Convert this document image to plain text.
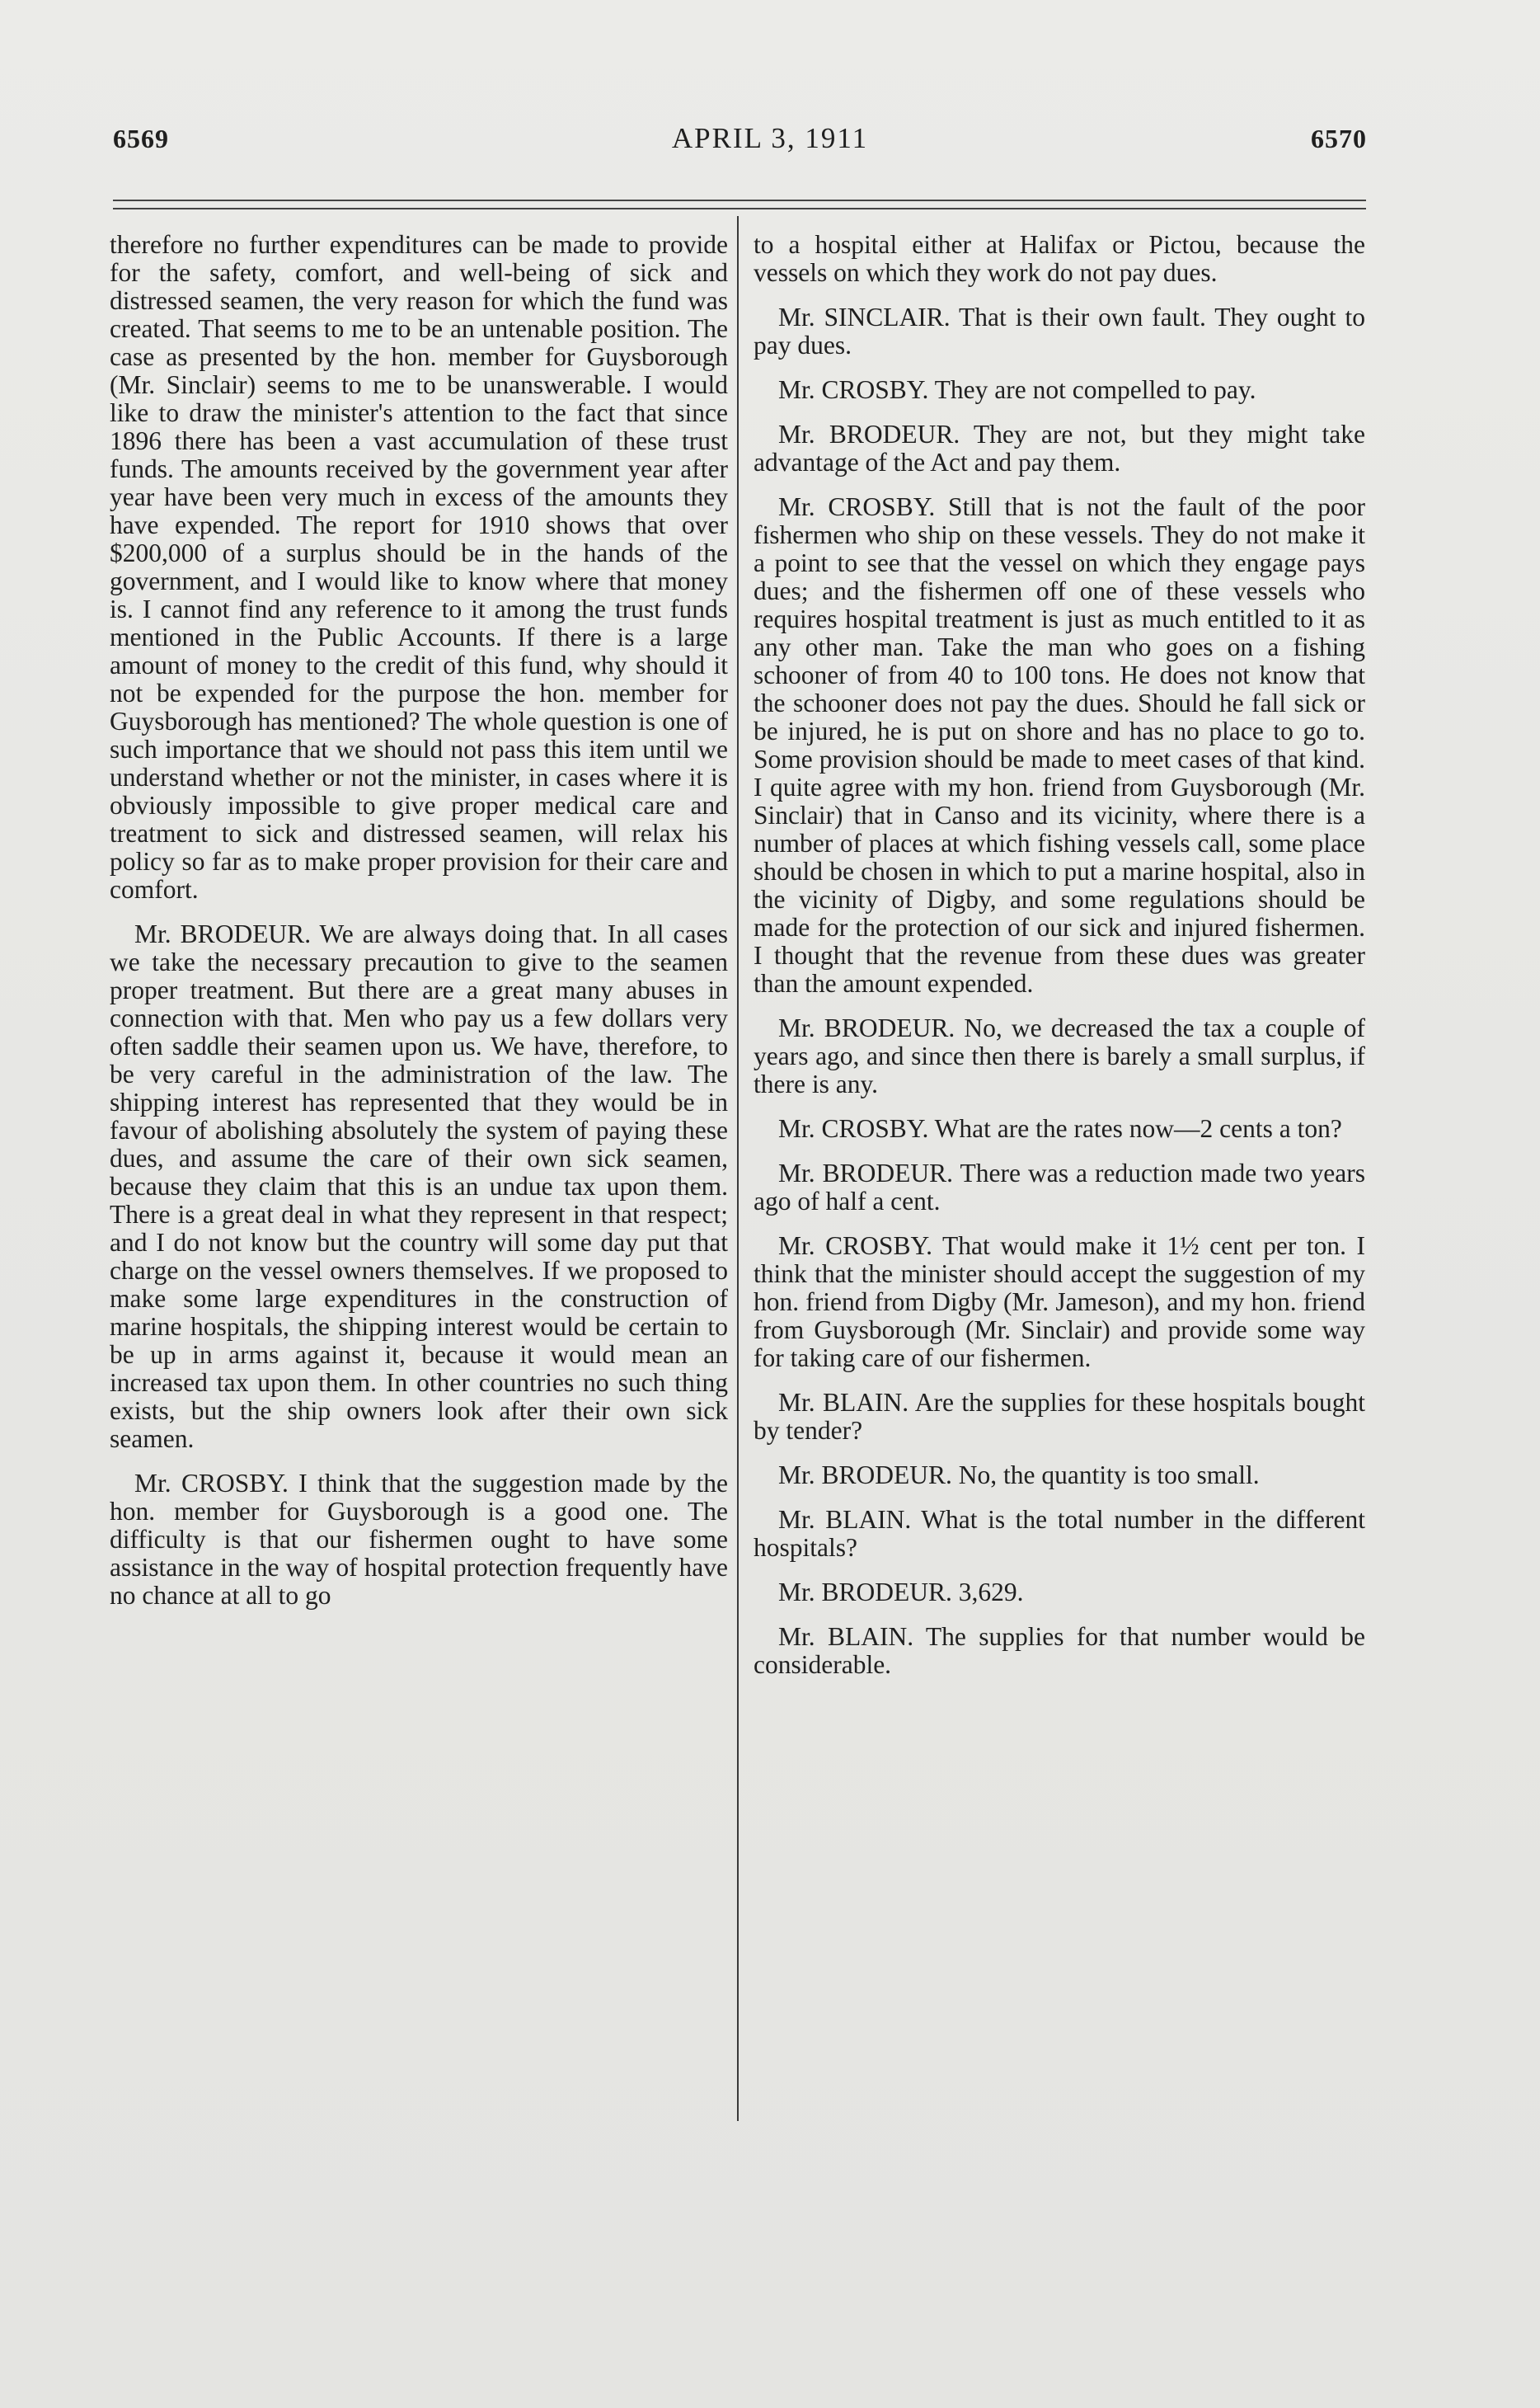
6569	APRIL 3, 1911	6570

therefore no further expenditures can be made to provide for the safety, comfort, and well-being of sick and distressed seamen, the very reason for which the fund was created. That seems to me to be an untenable position. The case as presented by the hon. member for Guysborough (Mr. Sinclair) seems to me to be unanswerable. I would like to draw the minister's attention to the fact that since 1896 there has been a vast accumulation of these trust funds. The amounts received by the government year after year have been very much in excess of the amounts they have expended. The report for 1910 shows that over $200,000 of a surplus should be in the hands of the government, and I would like to know where that money is. I cannot find any reference to it among the trust funds mentioned in the Public Accounts. If there is a large amount of money to the credit of this fund, why should it not be expended for the purpose the hon. member for Guysborough has mentioned? The whole question is one of such importance that we should not pass this item until we understand whether or not the minister, in cases where it is obviously impossible to give proper medical care and treatment to sick and distressed seamen, will relax his policy so far as to make proper provision for their care and comfort.

Mr. BRODEUR. We are always doing that. In all cases we take the necessary precaution to give to the seamen proper treatment. But there are a great many abuses in connection with that. Men who pay us a few dollars very often saddle their seamen upon us. We have, therefore, to be very careful in the administration of the law. The shipping interest has represented that they would be in favour of abolishing absolutely the system of paying these dues, and assume the care of their own sick seamen, because they claim that this is an undue tax upon them. There is a great deal in what they represent in that respect; and I do not know but the country will some day put that charge on the vessel owners themselves. If we proposed to make some large expenditures in the construction of marine hospitals, the shipping interest would be certain to be up in arms against it, because it would mean an increased tax upon them. In other countries no such thing exists, but the ship owners look after their own sick seamen.

Mr. CROSBY. I think that the suggestion made by the hon. member for Guysborough is a good one. The difficulty is that our fishermen ought to have some assistance in the way of hospital protection frequently have no chance at all to go

to a hospital either at Halifax or Pictou, because the vessels on which they work do not pay dues.

Mr. SINCLAIR. That is their own fault. They ought to pay dues.

Mr. CROSBY. They are not compelled to pay.

Mr. BRODEUR. They are not, but they might take advantage of the Act and pay them.

Mr. CROSBY. Still that is not the fault of the poor fishermen who ship on these vessels. They do not make it a point to see that the vessel on which they engage pays dues; and the fishermen off one of these vessels who requires hospital treatment is just as much entitled to it as any other man. Take the man who goes on a fishing schooner of from 40 to 100 tons. He does not know that the schooner does not pay the dues. Should he fall sick or be injured, he is put on shore and has no place to go to. Some provision should be made to meet cases of that kind. I quite agree with my hon. friend from Guysborough (Mr. Sinclair) that in Canso and its vicinity, where there is a number of places at which fishing vessels call, some place should be chosen in which to put a marine hospital, also in the vicinity of Digby, and some regulations should be made for the protection of our sick and injured fishermen. I thought that the revenue from these dues was greater than the amount expended.

Mr. BRODEUR. No, we decreased the tax a couple of years ago, and since then there is barely a small surplus, if there is any.

Mr. CROSBY. What are the rates now—2 cents a ton?

Mr. BRODEUR. There was a reduction made two years ago of half a cent.

Mr. CROSBY. That would make it 1½ cent per ton. I think that the minister should accept the suggestion of my hon. friend from Digby (Mr. Jameson), and my hon. friend from Guysborough (Mr. Sinclair) and provide some way for taking care of our fishermen.

Mr. BLAIN. Are the supplies for these hospitals bought by tender?

Mr. BRODEUR. No, the quantity is too small.

Mr. BLAIN. What is the total number in the different hospitals?

Mr. BRODEUR. 3,629.

Mr. BLAIN. The supplies for that number would be considerable.
